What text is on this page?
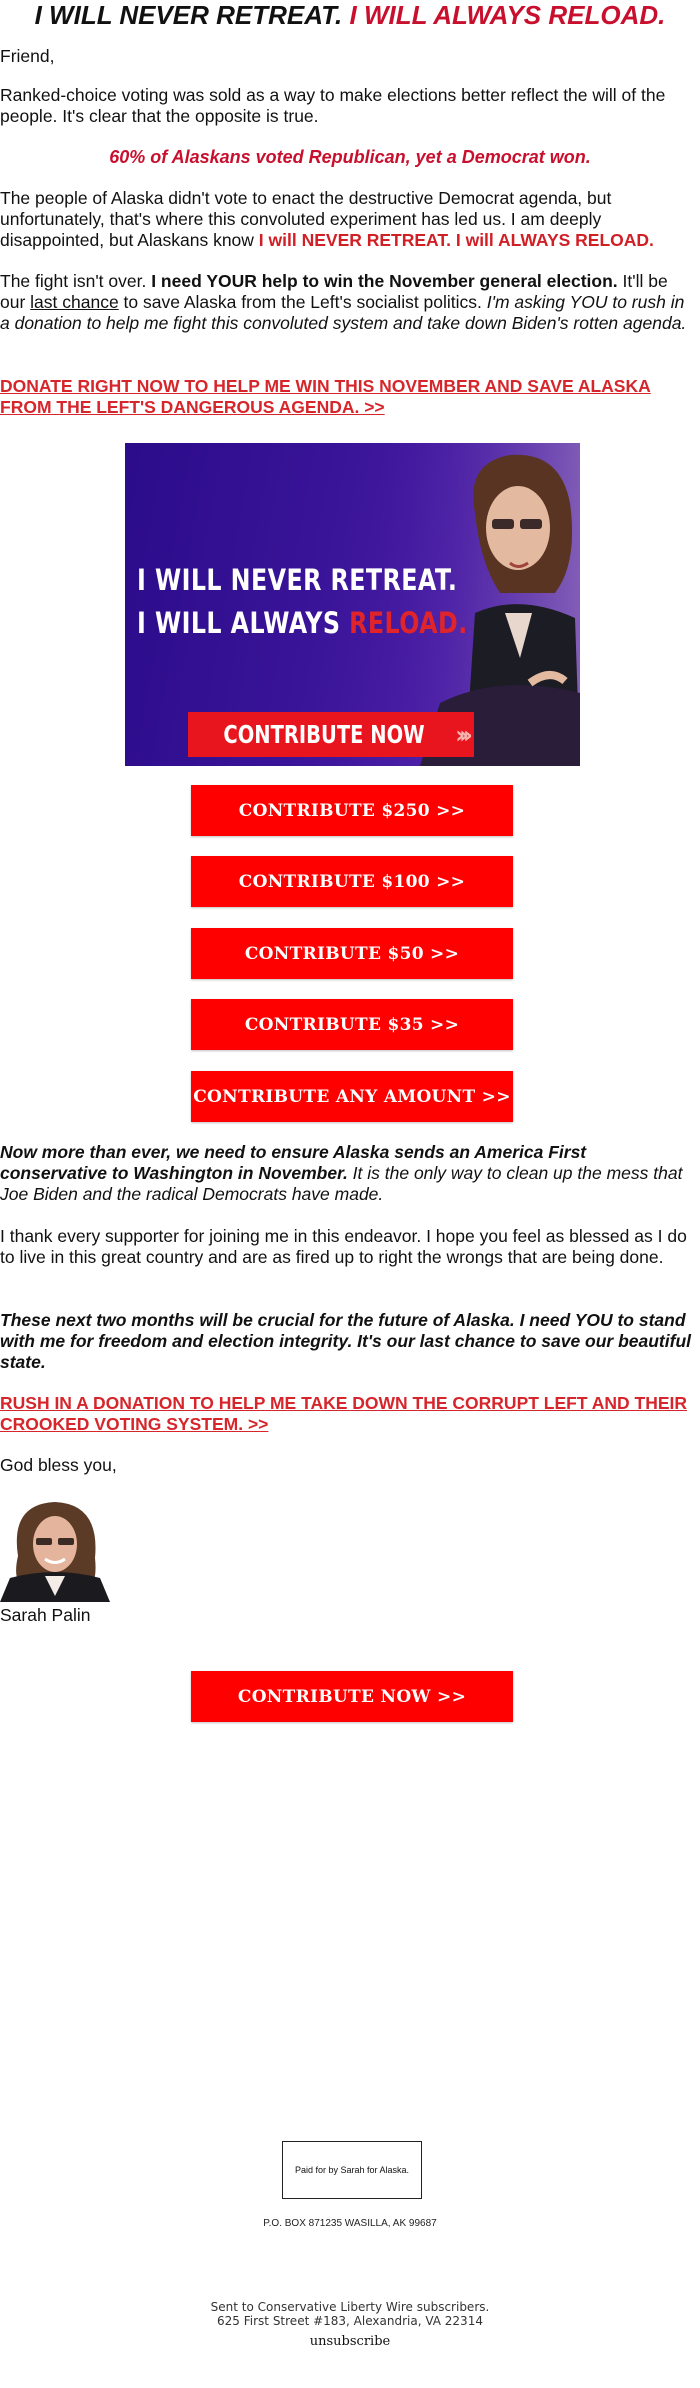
I WILL NEVER RETREAT. I WILL ALWAYS RELOAD.

Friend,

Ranked-choice voting was sold as a way to make elections better reflect the will of the people. It's clear that the opposite is true.

60% of Alaskans voted Republican, yet a Democrat won.

The people of Alaska didn't vote to enact the destructive Democrat agenda, but unfortunately, that's where this convoluted experiment has led us. I am deeply disappointed, but Alaskans know I will NEVER RETREAT. I will ALWAYS RELOAD.

The fight isn't over. I need YOUR help to win the November general election. It'll be our last chance to save Alaska from the Left's socialist politics. I'm asking YOU to rush in a donation to help me fight this convoluted system and take down Biden's rotten agenda.

DONATE RIGHT NOW TO HELP ME WIN THIS NOVEMBER AND SAVE ALASKA FROM THE LEFT'S DANGEROUS AGENDA. >>
I WILL NEVER RETREAT.
I WILL ALWAYS RELOAD.
CONTRIBUTE NOW ›››
CONTRIBUTE $250 >>
CONTRIBUTE $100 >>
CONTRIBUTE $50 >>
CONTRIBUTE $35 >>
CONTRIBUTE ANY AMOUNT >>

Now more than ever, we need to ensure Alaska sends an America First conservative to Washington in November. It is the only way to clean up the mess that Joe Biden and the radical Democrats have made.

I thank every supporter for joining me in this endeavor. I hope you feel as blessed as I do to live in this great country and are as fired up to right the wrongs that are being done.

These next two months will be crucial for the future of Alaska. I need YOU to stand with me for freedom and election integrity. It's our last chance to save our beautiful state.

RUSH IN A DONATION TO HELP ME TAKE DOWN THE CORRUPT LEFT AND THEIR CROOKED VOTING SYSTEM. >>

God bless you,

Sarah Palin

CONTRIBUTE NOW >>
Paid for by Sarah for Alaska.
P.O. BOX 871235 WASILLA, AK 99687
Sent to Conservative Liberty Wire subscribers.
625 First Street #183, Alexandria, VA 22314
unsubscribe
